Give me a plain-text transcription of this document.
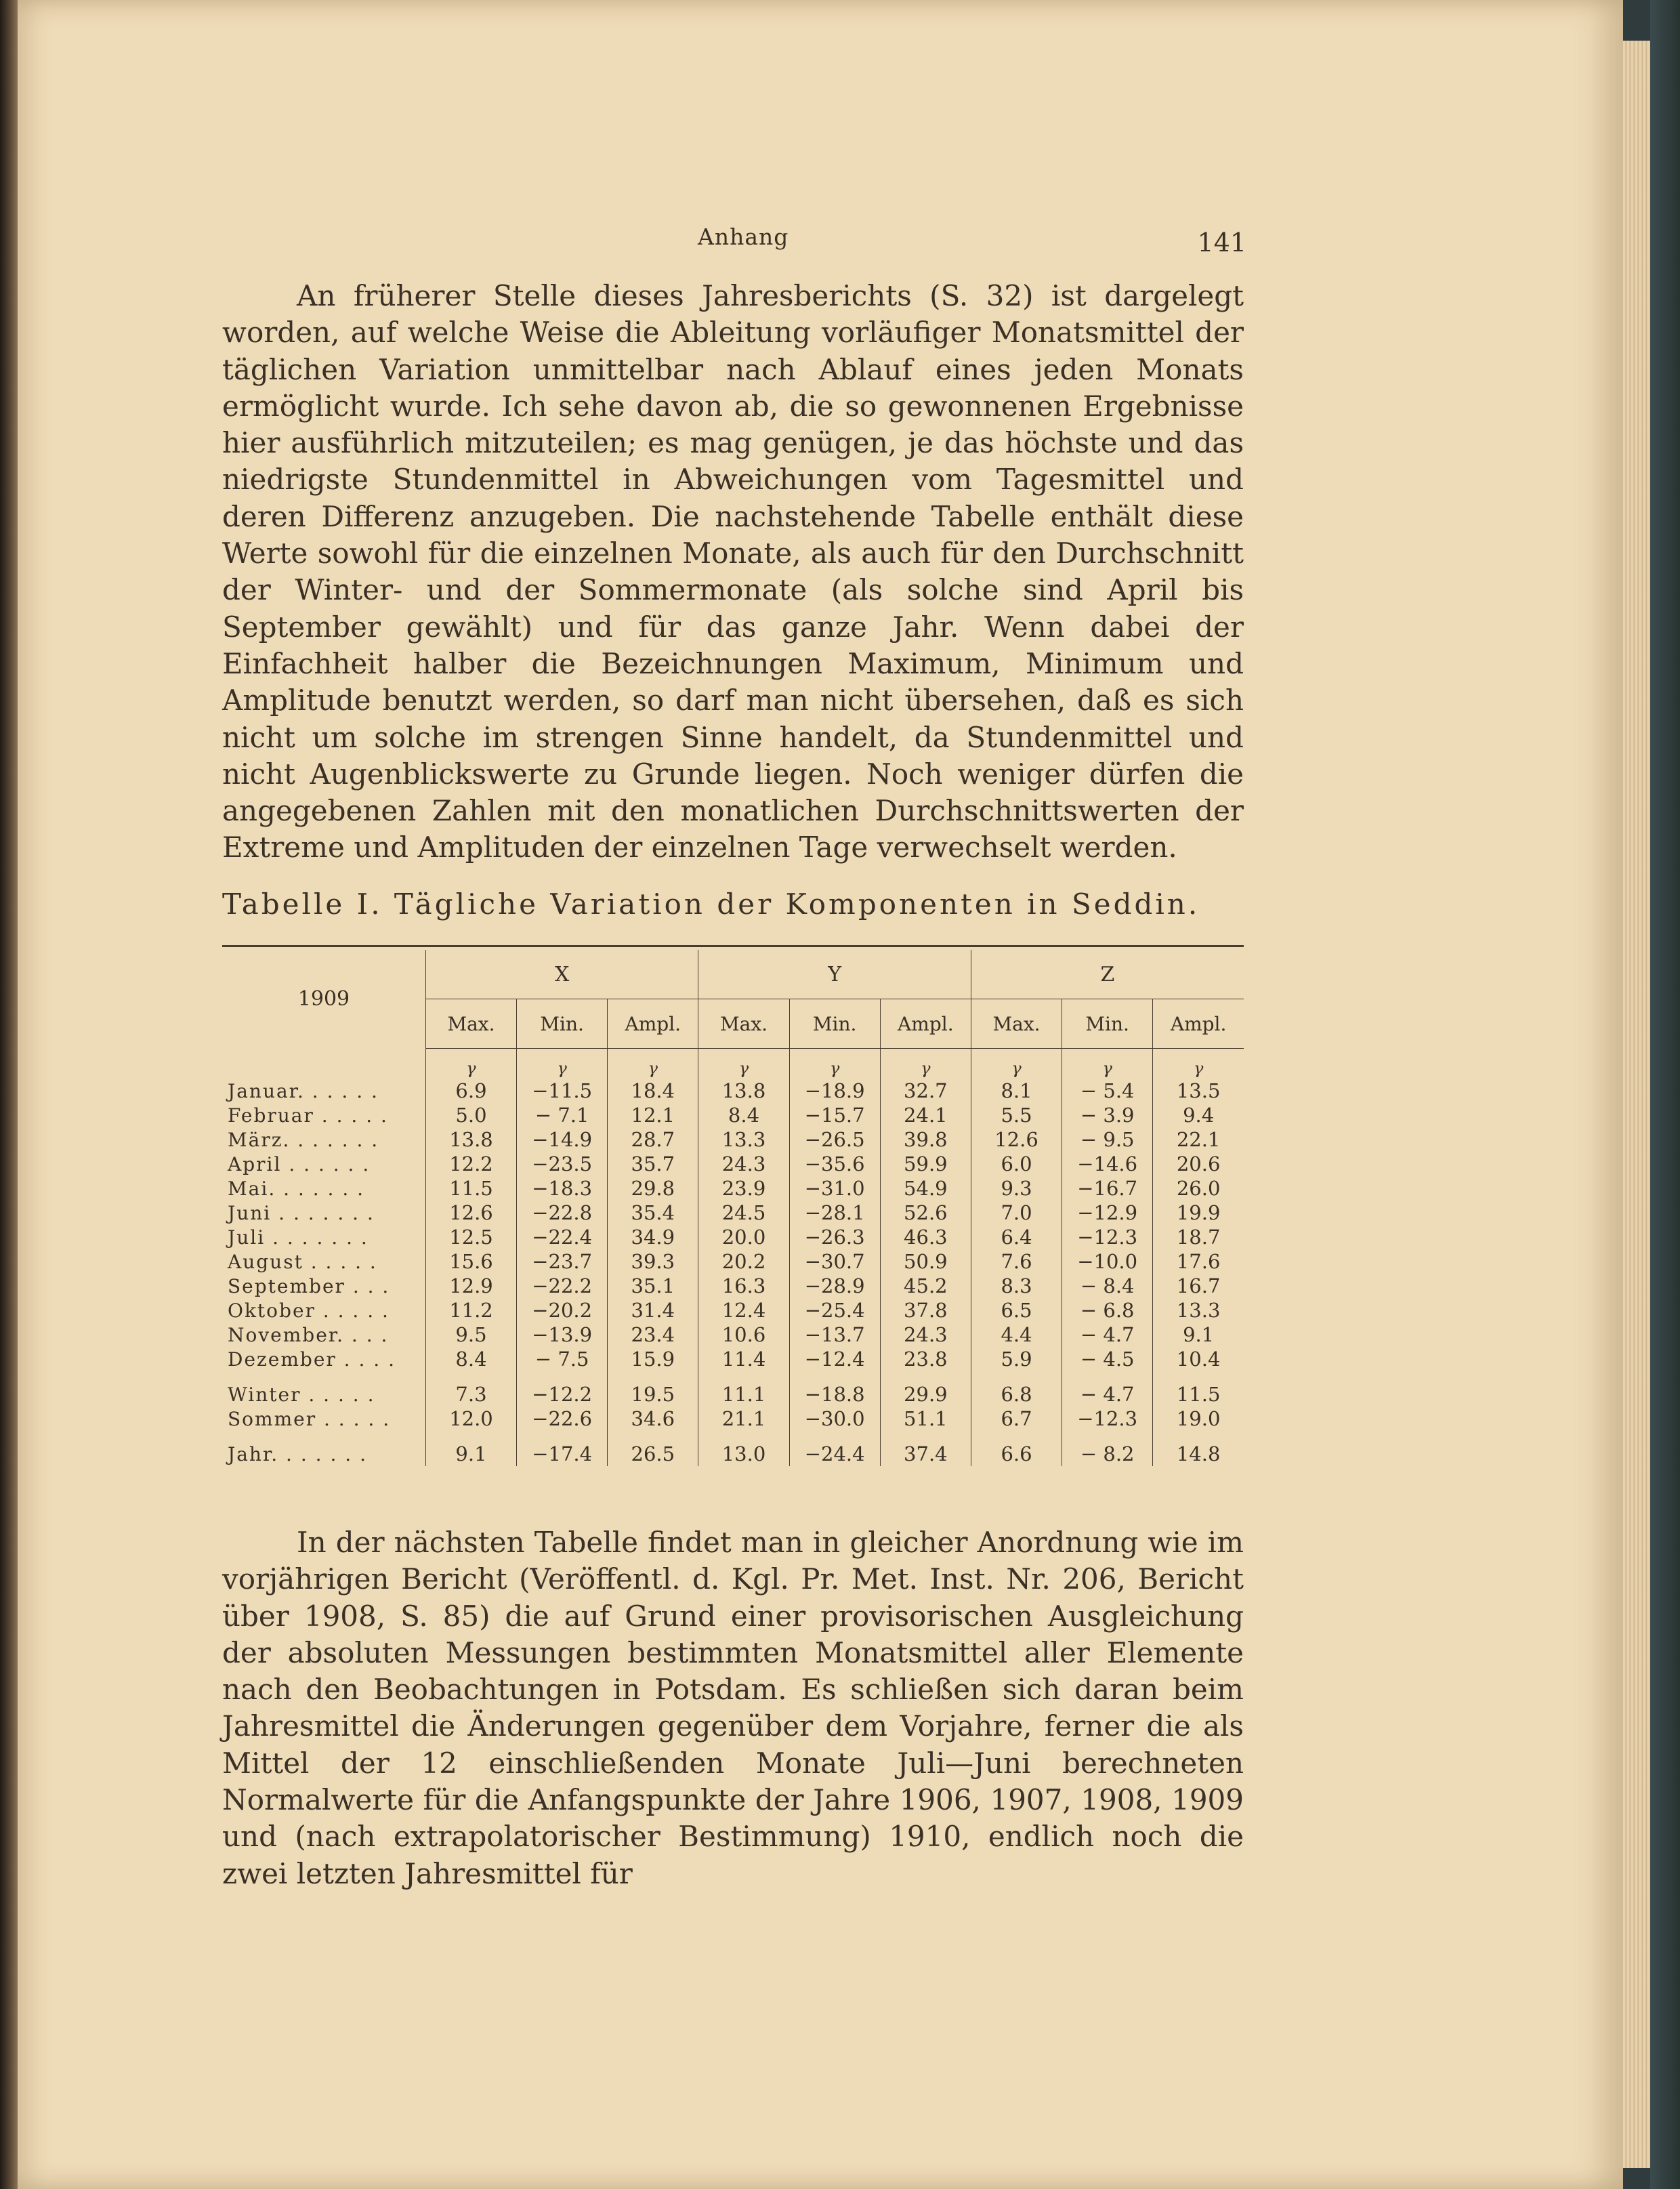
Anhang	141

An früherer Stelle dieses Jahresberichts (S. 32) ist dargelegt worden, auf welche Weise die Ableitung vorläufiger Monatsmittel der täglichen Variation unmittelbar nach Ablauf eines jeden Monats ermöglicht wurde. Ich sehe davon ab, die so gewonnenen Ergebnisse hier ausführlich mitzuteilen; es mag genügen, je das höchste und das niedrigste Stundenmittel in Abweichungen vom Tagesmittel und deren Differenz anzugeben. Die nachstehende Tabelle enthält diese Werte sowohl für die einzelnen Monate, als auch für den Durchschnitt der Winter- und der Sommermonate (als solche sind April bis September gewählt) und für das ganze Jahr. Wenn dabei der Einfachheit halber die Bezeichnungen Maximum, Minimum und Amplitude benutzt werden, so darf man nicht übersehen, daß es sich nicht um solche im strengen Sinne handelt, da Stundenmittel und nicht Augenblickswerte zu Grunde liegen. Noch weniger dürfen die angegebenen Zahlen mit den monatlichen Durchschnittswerten der Extreme und Amplituden der einzelnen Tage verwechselt werden.

Tabelle I. Tägliche Variation der Komponenten in Seddin.
1909	X			Y			Z		
	Max.	Min.	Ampl.	Max.	Min.	Ampl.	Max.	Min.	Ampl.
	γ	γ	γ	γ	γ	γ	γ	γ	γ
Januar. . . . . .	6.9	−11.5	18.4	13.8	−18.9	32.7	8.1	− 5.4	13.5
Februar . . . . .	5.0	− 7.1	12.1	8.4	−15.7	24.1	5.5	− 3.9	9.4
März. . . . . . .	13.8	−14.9	28.7	13.3	−26.5	39.8	12.6	− 9.5	22.1
April . . . . . .	12.2	−23.5	35.7	24.3	−35.6	59.9	6.0	−14.6	20.6
Mai. . . . . . .	11.5	−18.3	29.8	23.9	−31.0	54.9	9.3	−16.7	26.0
Juni . . . . . . .	12.6	−22.8	35.4	24.5	−28.1	52.6	7.0	−12.9	19.9
Juli . . . . . . .	12.5	−22.4	34.9	20.0	−26.3	46.3	6.4	−12.3	18.7
August . . . . .	15.6	−23.7	39.3	20.2	−30.7	50.9	7.6	−10.0	17.6
September . . .	12.9	−22.2	35.1	16.3	−28.9	45.2	8.3	− 8.4	16.7
Oktober . . . . .	11.2	−20.2	31.4	12.4	−25.4	37.8	6.5	− 6.8	13.3
November. . . .	9.5	−13.9	23.4	10.6	−13.7	24.3	4.4	− 4.7	9.1
Dezember . . . .	8.4	− 7.5	15.9	11.4	−12.4	23.8	5.9	− 4.5	10.4

Winter . . . . .	7.3	−12.2	19.5	11.1	−18.8	29.9	6.8	− 4.7	11.5
Sommer . . . . .	12.0	−22.6	34.6	21.1	−30.0	51.1	6.7	−12.3	19.0

Jahr. . . . . . .	9.1	−17.4	26.5	13.0	−24.4	37.4	6.6	− 8.2	14.8

In der nächsten Tabelle findet man in gleicher Anordnung wie im vorjährigen Bericht (Veröffentl. d. Kgl. Pr. Met. Inst. Nr. 206, Bericht über 1908, S. 85) die auf Grund einer provisorischen Ausgleichung der absoluten Messungen bestimmten Monatsmittel aller Elemente nach den Beobachtungen in Potsdam. Es schließen sich daran beim Jahresmittel die Änderungen gegenüber dem Vorjahre, ferner die als Mittel der 12 einschließenden Monate Juli—Juni berechneten Normalwerte für die Anfangspunkte der Jahre 1906, 1907, 1908, 1909 und (nach extrapolatorischer Bestimmung) 1910, endlich noch die zwei letzten Jahresmittel für
